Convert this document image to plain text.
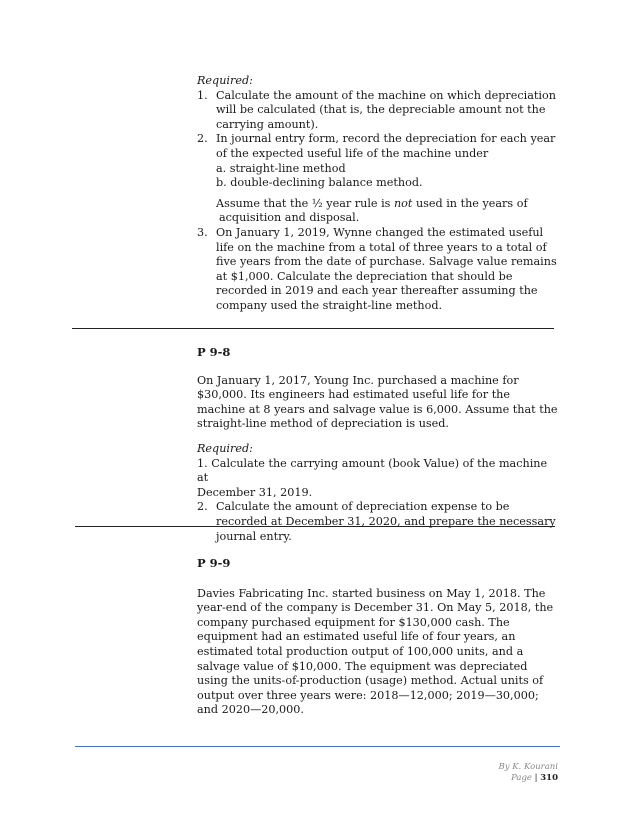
Required:
1. Calculate the amount of the machine on which depreciation will be calculated (that is, the depreciable amount not the carrying amount).
2. In journal entry form, record the depreciation for each year of the expected useful life of the machine under
a. straight-line method
b. double-declining balance method.
Assume that the ½ year rule is not used in the years of
acquisition and disposal.
3. On January 1, 2019, Wynne changed the estimated useful life on the machine from a total of three years to a total of five years from the date of purchase. Salvage value remains at $1,000. Calculate the depreciation that should be recorded in 2019 and each year thereafter assuming the company used the straight-line method.
P 9-8
On January 1, 2017, Young Inc. purchased a machine for $30,000. Its engineers had estimated useful life for the machine at 8 years and salvage value is 6,000. Assume that the straight-line method of depreciation is used.
Required:
1. Calculate the carrying amount (book Value) of the machine at
December 31, 2019.
2. Calculate the amount of depreciation expense to be recorded at December 31, 2020, and prepare the necessary journal entry.
P 9-9
Davies Fabricating Inc. started business on May 1, 2018. The year-end of the company is December 31. On May 5, 2018, the company purchased equipment for $130,000 cash. The equipment had an estimated useful life of four years, an estimated total production output of 100,000 units, and a salvage value of $10,000. The equipment was depreciated using the units-of-production (usage) method. Actual units of output over three years were: 2018—12,000; 2019—30,000; and 2020—20,000.
By K. Kourani
Page | 310
